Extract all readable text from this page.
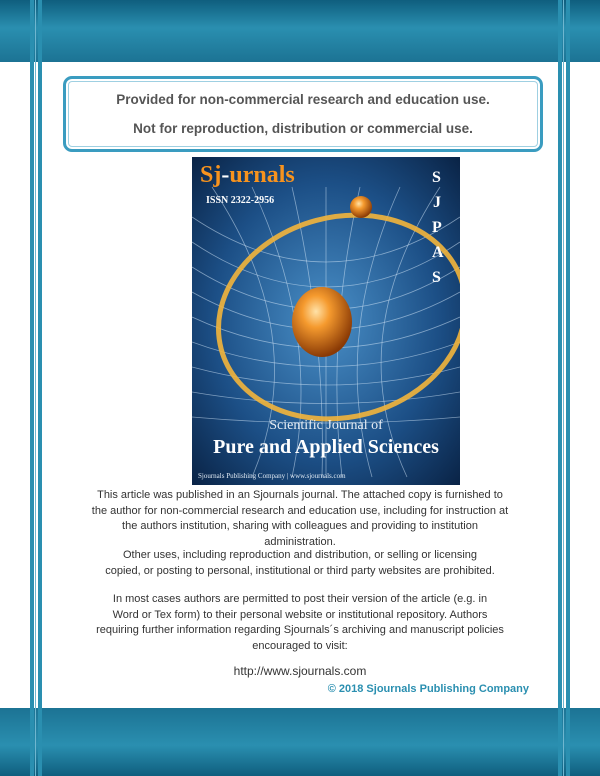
Provided for non-commercial research and education use.
Not for reproduction, distribution or commercial use.
Sj-urnals
ISSN 2322-2956
S
J
P
A
S
Scientific Journal of
Pure and Applied Sciences
Sjournals Publishing Company | www.sjournals.com
This article was published in an Sjournals journal. The attached copy is furnished to
the author for non-commercial research and education use, including for instruction at
the authors institution, sharing with colleagues and providing to institution
administration.
Other uses, including reproduction and distribution, or selling or licensing
copied, or posting to personal, institutional or third party websites are prohibited.
In most cases authors are permitted to post their version of the article (e.g. in
Word or Tex form) to their personal website or institutional repository. Authors
requiring further information regarding Sjournals´s archiving and manuscript policies
encouraged to visit:
http://www.sjournals.com
© 2018 Sjournals Publishing Company
